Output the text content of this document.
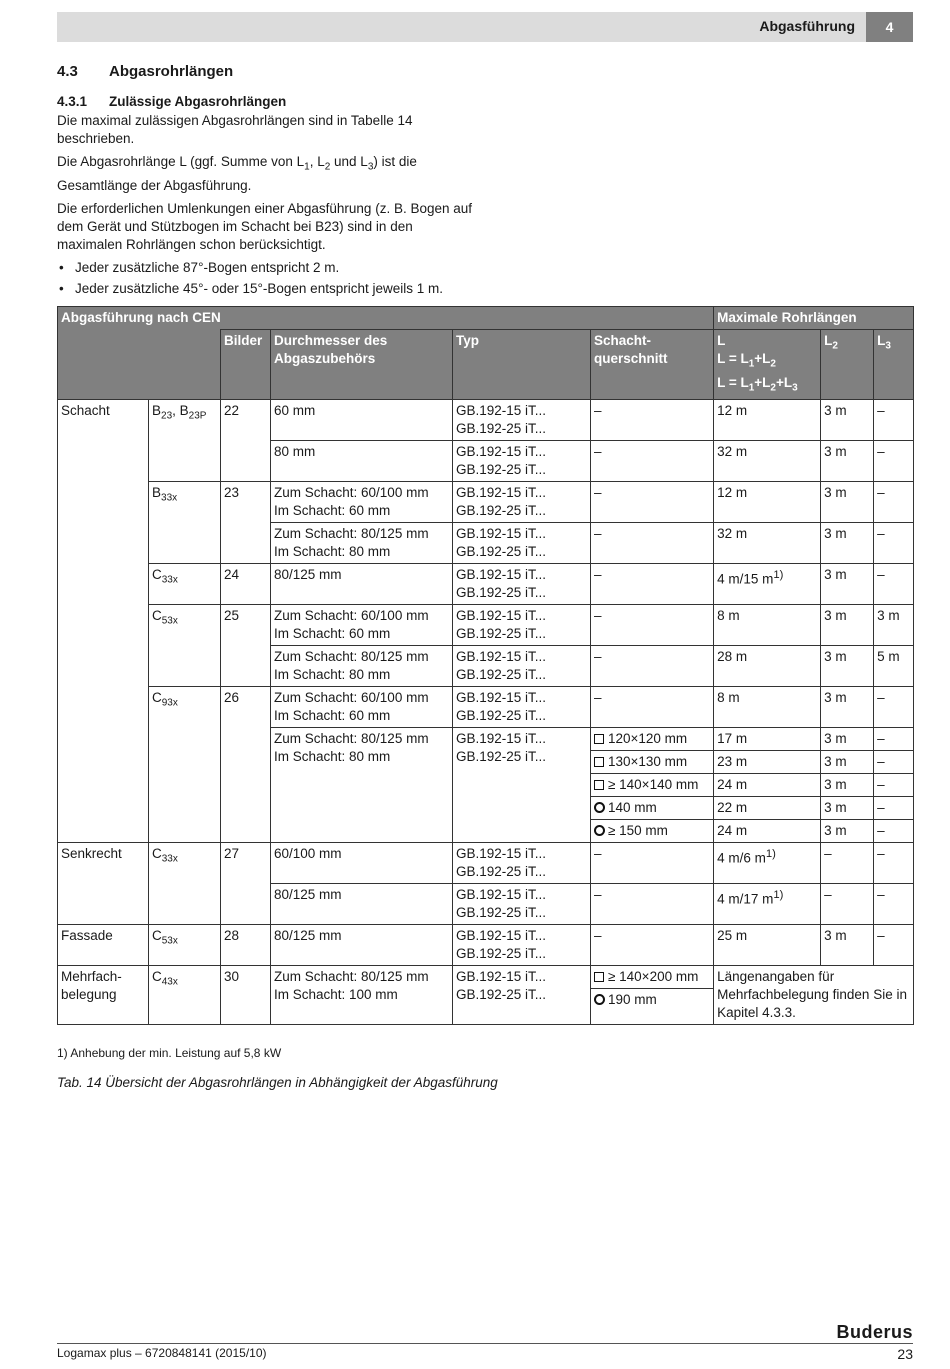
Abgasführung	4
4.3 Abgasrohrlängen
4.3.1 Zulässige Abgasrohrlängen

Die maximal zulässigen Abgasrohrlängen sind in Tabelle 14 beschrieben.

Die Abgasrohrlänge L (ggf. Summe von $L_1$, $L_2$ und $L_3$) ist die Gesamtlänge der Abgasführung.

Die erforderlichen Umlenkungen einer Abgasführung (z. B. Bogen auf dem Gerät und Stützbogen im Schacht bei B23) sind in den maximalen Rohrlängen schon berücksichtigt.

• Jeder zusätzliche 87°-Bogen entspricht 2 m.
• Jeder zusätzliche 45°- oder 15°-Bogen entspricht jeweils 1 m.
Abgasführung nach CEN						Maximale Rohrlängen		
		Bilder	Durchmesser des Abgaszubehörs	Typ	Schacht-querschnitt	L
$L = L_1+L_2$
$L = L_1+L_2+L_3$	$L_2$	$L_3$
Schacht	$B_{23}$, $B_{23P}$	22	60 mm	GB.192-15 iT...
GB.192-25 iT...	–	12 m	3 m	–
			80 mm	GB.192-15 iT...
GB.192-25 iT...	–	32 m	3 m	–
	$B_{33x}$	23	Zum Schacht: 60/100 mm
Im Schacht: 60 mm	GB.192-15 iT...
GB.192-25 iT...	–	12 m	3 m	–
			Zum Schacht: 80/125 mm
Im Schacht: 80 mm	GB.192-15 iT...
GB.192-25 iT...	–	32 m	3 m	–
	$C_{33x}$	24	80/125 mm	GB.192-15 iT...
GB.192-25 iT...	–	4 m/15 $m^{1)}$	3 m	–
	$C_{53x}$	25	Zum Schacht: 60/100 mm
Im Schacht: 60 mm	GB.192-15 iT...
GB.192-25 iT...	–	8 m	3 m	3 m
			Zum Schacht: 80/125 mm
Im Schacht: 80 mm	GB.192-15 iT...
GB.192-25 iT...	–	28 m	3 m	5 m
	$C_{93x}$	26	Zum Schacht: 60/100 mm
Im Schacht: 60 mm	GB.192-15 iT...
GB.192-25 iT...	–	8 m	3 m	–
			Zum Schacht: 80/125 mm
Im Schacht: 80 mm	GB.192-15 iT...
GB.192-25 iT...	120×120 mm	17 m	3 m	–
					130×130 mm	23 m	3 m	–
					≥ 140×140 mm	24 m	3 m	–
					140 mm	22 m	3 m	–
					≥ 150 mm	24 m	3 m	–
Senkrecht	$C_{33x}$	27	60/100 mm	GB.192-15 iT...
GB.192-25 iT...	–	4 m/6 $m^{1)}$	–	–
			80/125 mm	GB.192-15 iT...
GB.192-25 iT...	–	4 m/17 $m^{1)}$	–	–
Fassade	$C_{53x}$	28	80/125 mm	GB.192-15 iT...
GB.192-25 iT...	–	25 m	3 m	–
Mehrfach-belegung	$C_{43x}$	30	Zum Schacht: 80/125 mm
Im Schacht: 100 mm	GB.192-15 iT...
GB.192-25 iT...	≥ 140×200 mm	Längenangaben für Mehrfachbelegung finden Sie in Kapitel 4.3.3.		
					190 mm			
1) Anhebung der min. Leistung auf 5,8 kW
Tab. 14 Übersicht der Abgasrohrlängen in Abhängigkeit der Abgasführung
Buderus
Logamax plus – 6720848141 (2015/10)	23
